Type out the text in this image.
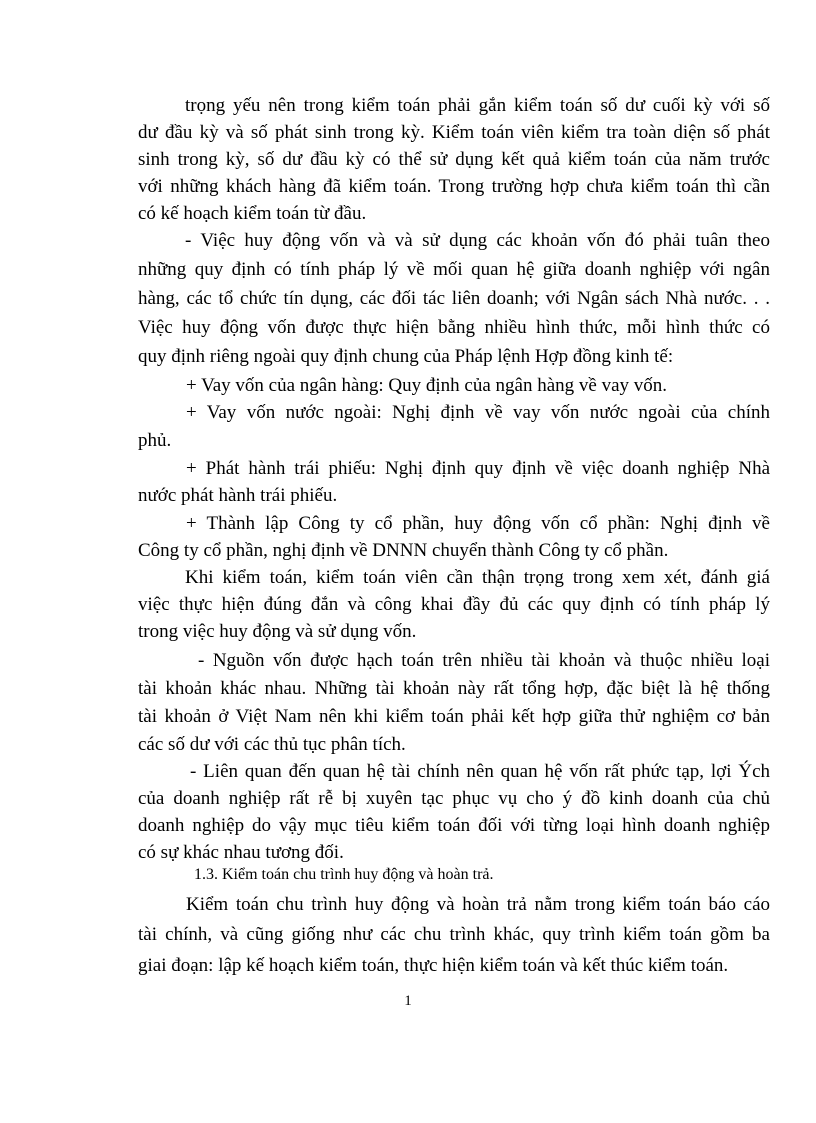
trọng yếu nên trong kiểm toán phải gắn kiểm toán số dư cuối kỳ với số
dư đầu kỳ và số phát sinh trong kỳ. Kiểm toán viên kiểm tra toàn diện số phát
sinh trong kỳ, số dư đầu kỳ có thể sử dụng kết quả kiểm toán của năm trước
với những khách hàng đã kiểm toán. Trong trường hợp chưa kiểm toán thì cần
có kế hoạch kiểm toán từ đầu.
- Việc huy động vốn và và sử dụng các khoản vốn đó phải tuân theo
những quy định có tính pháp lý về mối quan hệ giữa doanh nghiệp với ngân
hàng, các tổ chức tín dụng, các đối tác liên doanh; với Ngân sách Nhà nước. . .
Việc huy động vốn được thực hiện bằng nhiều hình thức, mỗi hình thức có
quy định riêng ngoài quy định chung của Pháp lệnh Hợp đồng kinh tế:
+ Vay vốn của ngân hàng: Quy định của ngân hàng về vay vốn.
+ Vay vốn nước ngoài: Nghị định về vay vốn nước ngoài của chính
phủ.
+ Phát hành trái phiếu: Nghị định quy định về việc doanh nghiệp Nhà
nước phát hành trái phiếu.
+ Thành lập Công ty cổ phần, huy động vốn cổ phần: Nghị định về
Công ty cổ phần, nghị định về DNNN chuyển thành Công ty cổ phần.
Khi kiểm toán, kiểm toán viên cần thận trọng trong xem xét, đánh giá
việc thực hiện đúng đắn và công khai đầy đủ các quy định có tính pháp lý
trong việc huy động và sử dụng vốn.
- Nguồn vốn được hạch toán trên nhiều tài khoản và thuộc nhiều loại
tài khoản khác nhau. Những tài khoản này rất tổng hợp, đặc biệt là hệ thống
tài khoản ở Việt Nam nên khi kiểm toán phải kết hợp giữa thử nghiệm cơ bản
các số dư với các thủ tục phân tích.
- Liên quan đến quan hệ tài chính nên quan hệ vốn rất phức tạp, lợi Ých
của doanh nghiệp rất rễ bị xuyên tạc phục vụ cho ý đồ kinh doanh của chủ
doanh nghiệp do vậy mục tiêu kiểm toán đối với từng loại hình doanh nghiệp
có sự khác nhau tương đối.
1.3. Kiểm toán chu trình huy động và hoàn trả.
Kiểm toán chu trình huy động và hoàn trả nằm trong kiểm toán báo cáo
tài chính, và cũng giống như các chu trình khác, quy trình kiểm toán gồm ba
giai đoạn: lập kế hoạch kiểm toán, thực hiện kiểm toán và kết thúc kiểm toán.
1
